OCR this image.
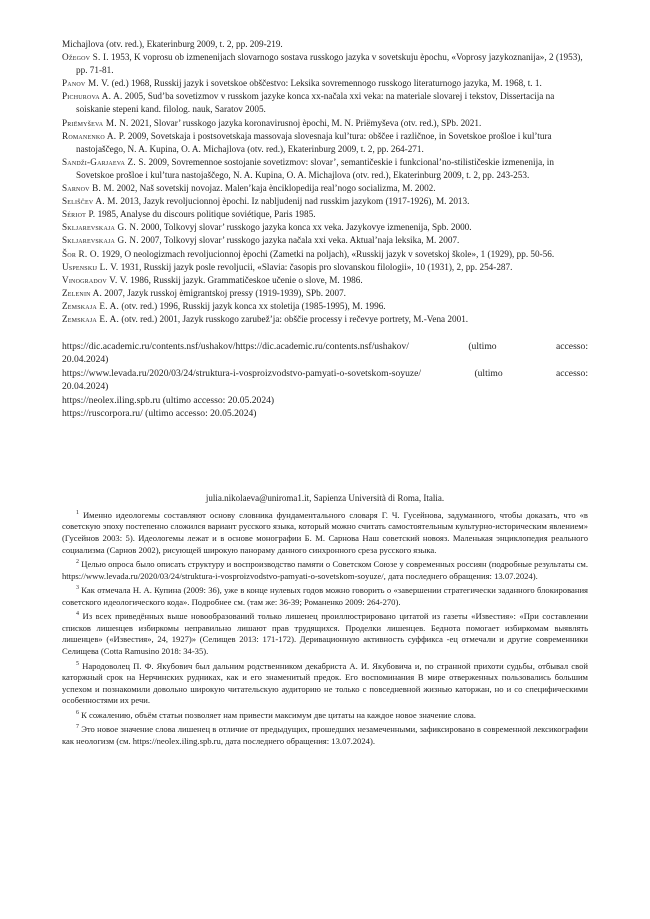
Michajlova (otv. red.), Ekaterinburg 2009, t. 2, pp. 209-219.

Ožegov S. I. 1953, K voprosu ob izmenenijach slovarnogo sostava russkogo jazyka v sovetskuju èpochu, «Voprosy jazykoznanija», 2 (1953), pp. 71-81.

Panov M. V. (ed.) 1968, Russkij jazyk i sovetskoe obščestvo: Leksika sovremennogo russkogo literaturnogo jazyka, M. 1968, t. 1.

Pichurova A. A. 2005, Sud’ba sovetizmov v russkom jazyke konca xx-načala xxi veka: na materiale slovarej i tekstov, Dissertacija na soiskanie stepeni kand. filolog. nauk, Saratov 2005.

Priëmyševa M. N. 2021, Slovar’ russkogo jazyka koronavirusnoj èpochi, M. N. Priëmyševa (otv. red.), SPb. 2021.

Romanenko A. P. 2009, Sovetskaja i postsovetskaja massovaja slovesnaja kul’tura: obščee i različnoe, in Sovetskoe prošloe i kul’tura nastojaščego, N. A. Kupina, O. A. Michajlova (otv. red.), Ekaterinburg 2009, t. 2, pp. 264-271.

Sandži-Garjaeva Z. S. 2009, Sovremennoe sostojanie sovetizmov: slovar’, semantičeskie i funkcional’no-stilističeskie izmenenija, in Sovetskoe prošloe i kul’tura nastojaščego, N. A. Kupina, O. A. Michajlova (otv. red.), Ekaterinburg 2009, t. 2, pp. 243-253.

Sarnov B. M. 2002, Naš sovetskij novojaz. Malen’kaja ènciklopedija real’nogo socializma, M. 2002.

Seliščev A. M. 2013, Jazyk revoljucionnoj èpochi. Iz nabljudenij nad russkim jazykom (1917-1926), M. 2013.

Sériot P. 1985, Analyse du discours politique soviétique, Paris 1985.

Skljarevskaja G. N. 2000, Tolkovyj slovar’ russkogo jazyka konca xx veka. Jazykovye izmenenija, Spb. 2000.

Skljarevskaja G. N. 2007, Tolkovyj slovar’ russkogo jazyka načala xxi veka. Aktual’naja leksika, M. 2007.

Šor R. O. 1929, O neologizmach revoljucionnoj èpochi (Zametki na poljach), «Russkij jazyk v sovetskoj škole», 1 (1929), pp. 50-56.

Uspenskij L. V. 1931, Russkij jazyk posle revoljucii, «Slavia: časopis pro slovanskou filologii», 10 (1931), 2, pp. 254-287.

Vinogradov V. V. 1986, Russkij jazyk. Grammatičeskoe učenie o slove, M. 1986.

Zelenin A. 2007, Jazyk russkoj èmigrantskoj pressy (1919-1939), SPb. 2007.

Zemskaja E. A. (otv. red.) 1996, Russkij jazyk konca xx stoletija (1985-1995), M. 1996.

Zemskaja E. A. (otv. red.) 2001, Jazyk russkogo zarubež’ja: obščie processy i rečevye portrety, M.-Vena 2001.

https://dic.academic.ru/contents.nsf/ushakov/https://dic.academic.ru/contents.nsf/ushakov/	(ultimo	accesso:
20.04.2024)
https://www.levada.ru/2020/03/24/struktura-i-vosproizvodstvo-pamyati-o-sovetskom-soyuze/	(ultimo	accesso:
20.04.2024)
https://neolex.iling.spb.ru (ultimo accesso: 20.05.2024)
https://ruscorpora.ru/ (ultimo accesso: 20.05.2024)
julia.nikolaeva@uniroma1.it, Sapienza Università di Roma, Italia.

$^1$ Именно идеологемы составляют основу словника фундаментального словаря Г. Ч. Гусейнова, задуманного, чтобы доказать, что «в советскую эпоху постепенно сложился вариант русского языка, который можно считать самостоятельным культурно-историческим явлением» (Гусейнов 2003: 5). Идеологемы лежат и в основе монографии Б. М. Сарнова Наш советский новояз. Маленькая энциклопедия реального социализма (Сарнов 2002), рисующей широкую панораму данного синхронного среза русского языка.

$^2$ Целью опроса было описать структуру и воспроизводство памяти о Советском Союзе у современных россиян (подробные результаты см. https://www.levada.ru/2020/03/24/struktura-i-vosproizvodstvo-pamyati-o-sovetskom-soyuze/, дата последнего обращения: 13.07.2024).

$^3$ Как отмечала Н. А. Купина (2009: 36), уже в конце нулевых годов можно говорить о «завершении стратегически заданного блокирования советского идеологического кода». Подробнее см. (там же: 36-39; Романенко 2009: 264-270).

$^4$ Из всех приведённых выше новообразований только лишенец проиллюстрировано цитатой из газеты «Известия»: «При составлении списков лишенцев избиркомы неправильно лишают прав трудящихся. Проделки лишенцев. Беднота помогает избиркомам выявлять лишенцев» («Известия», 24, 1927)» (Селищев 2013: 171-172). Деривационную активность суффикса -ец отмечали и другие современники Селищева (Cotta Ramusino 2018: 34-35).

$^5$ Народоволец П. Ф. Якубович был дальним родственником декабриста А. И. Якубовича и, по странной прихоти судьбы, отбывал свой каторжный срок на Нерчинских рудниках, как и его знаменитый предок. Его воспоминания В мире отверженных пользовались большим успехом и познакомили довольно широкую читательскую аудиторию не только с повседневной жизнью каторжан, но и со специфическими особенностями их речи.

$^6$ К сожалению, объём статьи позволяет нам привести максимум две цитаты на каждое новое значение слова.

$^7$ Это новое значение слова лишенец в отличие от предыдущих, прошедших незамеченными, зафиксировано в современной лексикографии как неологизм (см. https://neolex.iling.spb.ru, дата последнего обращения: 13.07.2024).
